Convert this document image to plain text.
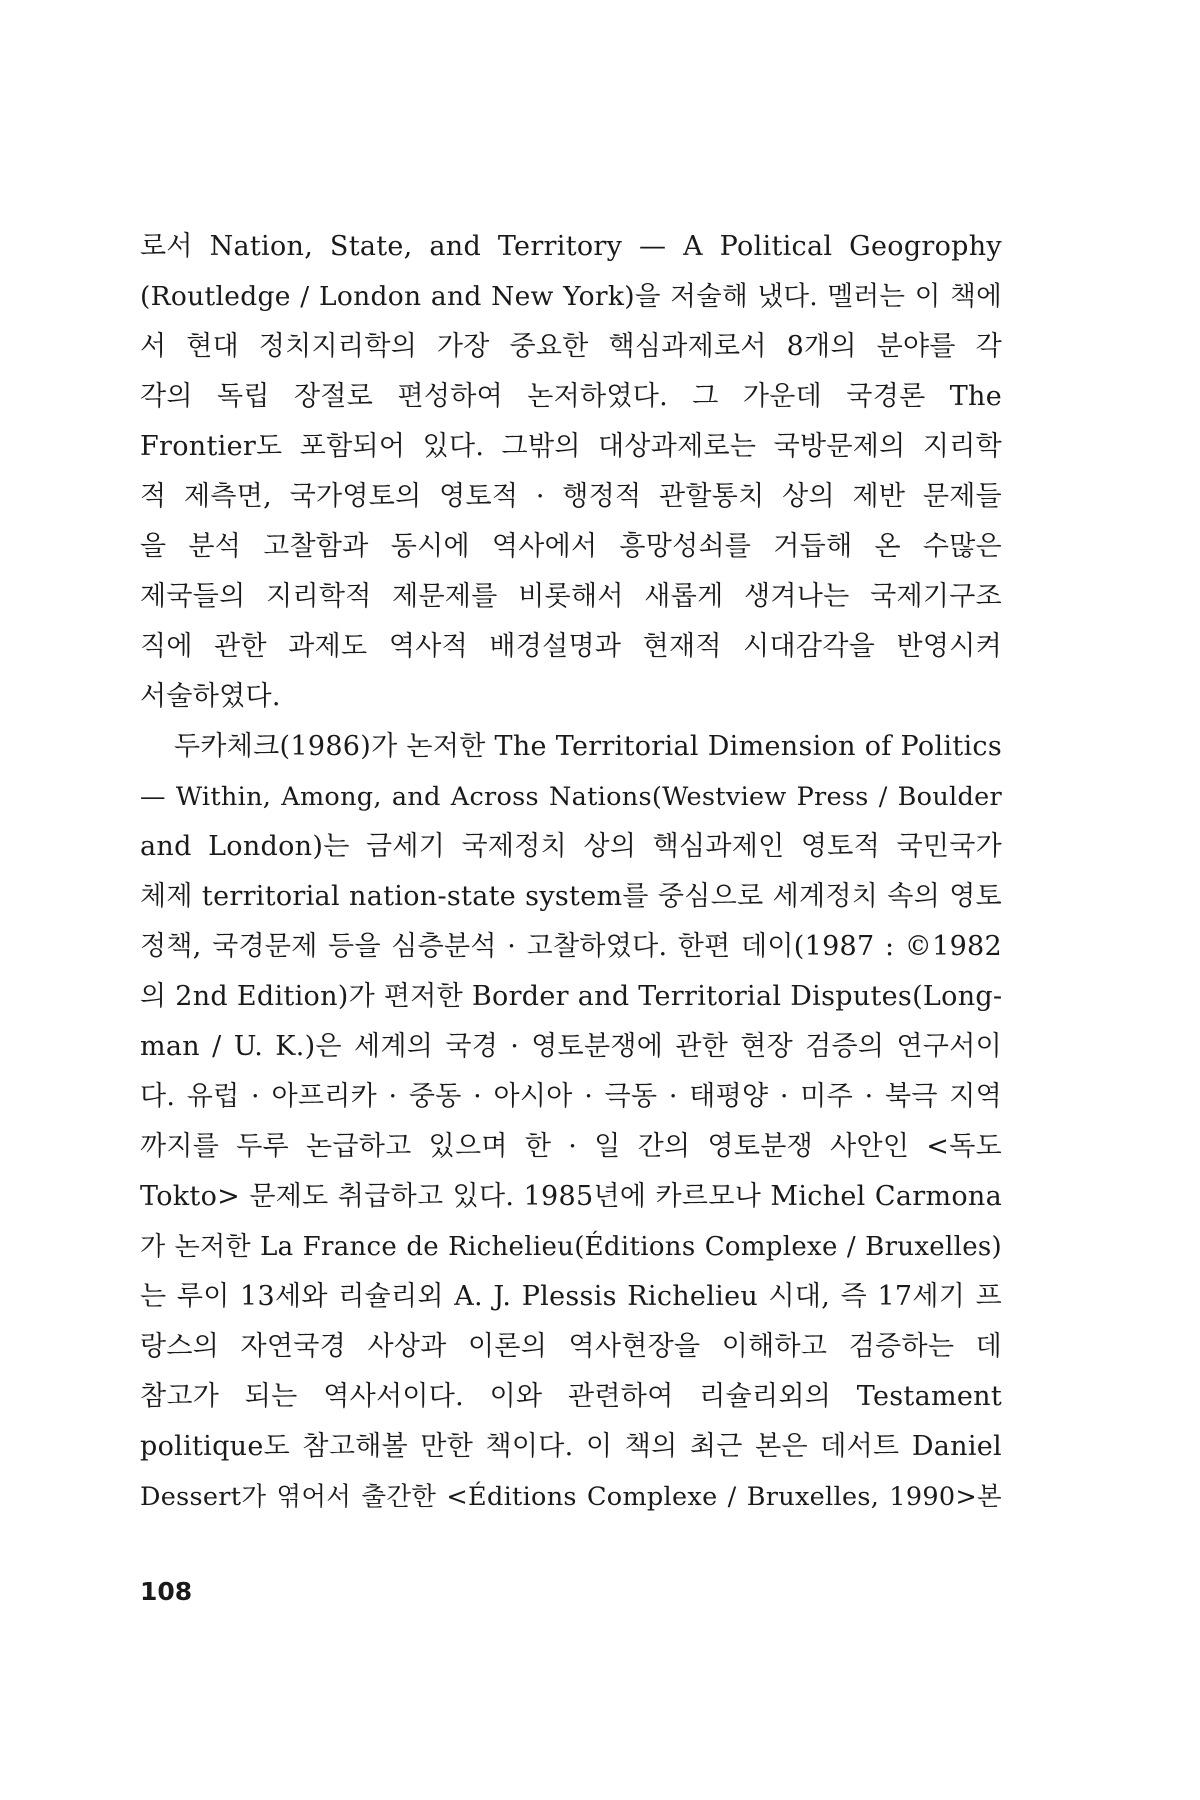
로서 Nation, State, and Territory — A Political Geogrophy
(Routledge / London and New York)을 저술해 냈다. 멜러는 이 책에
서 현대 정치지리학의 가장 중요한 핵심과제로서 8개의 분야를 각
각의 독립 장절로 편성하여 논저하였다. 그 가운데 국경론 The
Frontier도 포함되어 있다. 그밖의 대상과제로는 국방문제의 지리학
적 제측면, 국가영토의 영토적 · 행정적 관할통치 상의 제반 문제들
을 분석 고찰함과 동시에 역사에서 흥망성쇠를 거듭해 온 수많은
제국들의 지리학적 제문제를 비롯해서 새롭게 생겨나는 국제기구조
직에 관한 과제도 역사적 배경설명과 현재적 시대감각을 반영시켜
서술하였다.
두카체크(1986)가 논저한 The Territorial Dimension of Politics
— Within, Among, and Across Nations(Westview Press / Boulder
and London)는 금세기 국제정치 상의 핵심과제인 영토적 국민국가
체제 territorial nation-state system를 중심으로 세계정치 속의 영토
정책, 국경문제 등을 심층분석 · 고찰하였다. 한편 데이(1987 : ©1982
의 2nd Edition)가 편저한 Border and Territorial Disputes(Long-
man / U. K.)은 세계의 국경 · 영토분쟁에 관한 현장 검증의 연구서이
다. 유럽 · 아프리카 · 중동 · 아시아 · 극동 · 태평양 · 미주 · 북극 지역
까지를 두루 논급하고 있으며 한 · 일 간의 영토분쟁 사안인 <독도
Tokto> 문제도 취급하고 있다. 1985년에 카르모나 Michel Carmona
가 논저한 La France de Richelieu(Éditions Complexe / Bruxelles)
는 루이 13세와 리슐리외 A. J. Plessis Richelieu 시대, 즉 17세기 프
랑스의 자연국경 사상과 이론의 역사현장을 이해하고 검증하는 데
참고가 되는 역사서이다. 이와 관련하여 리슐리외의 Testament
politique도 참고해볼 만한 책이다. 이 책의 최근 본은 데서트 Daniel
Dessert가 엮어서 출간한 <Éditions Complexe / Bruxelles, 1990>본
108
